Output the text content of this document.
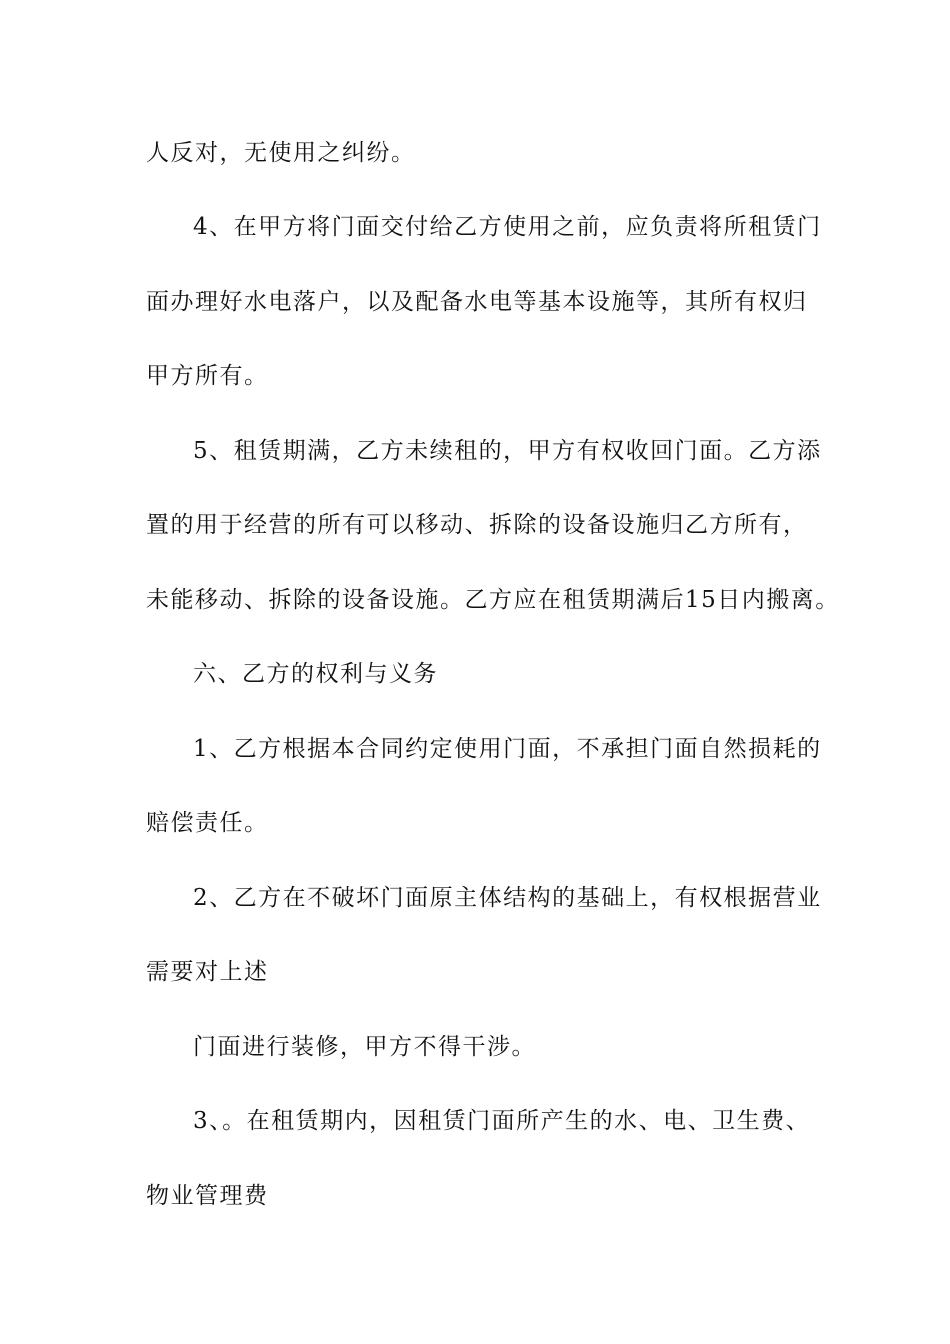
人反对，无使用之纠纷。
4、在甲方将门面交付给乙方使用之前，应负责将所租赁门
面办理好水电落户，以及配备水电等基本设施等，其所有权归
甲方所有。
5、租赁期满，乙方未续租的，甲方有权收回门面。乙方添
置的用于经营的所有可以移动、拆除的设备设施归乙方所有，
未能移动、拆除的设备设施。乙方应在租赁期满后15日内搬离。
六、乙方的权利与义务
1、乙方根据本合同约定使用门面，不承担门面自然损耗的
赔偿责任。
2、乙方在不破坏门面原主体结构的基础上，有权根据营业
需要对上述
门面进行装修，甲方不得干涉。
3、。在租赁期内，因租赁门面所产生的水、电、卫生费、
物业管理费
